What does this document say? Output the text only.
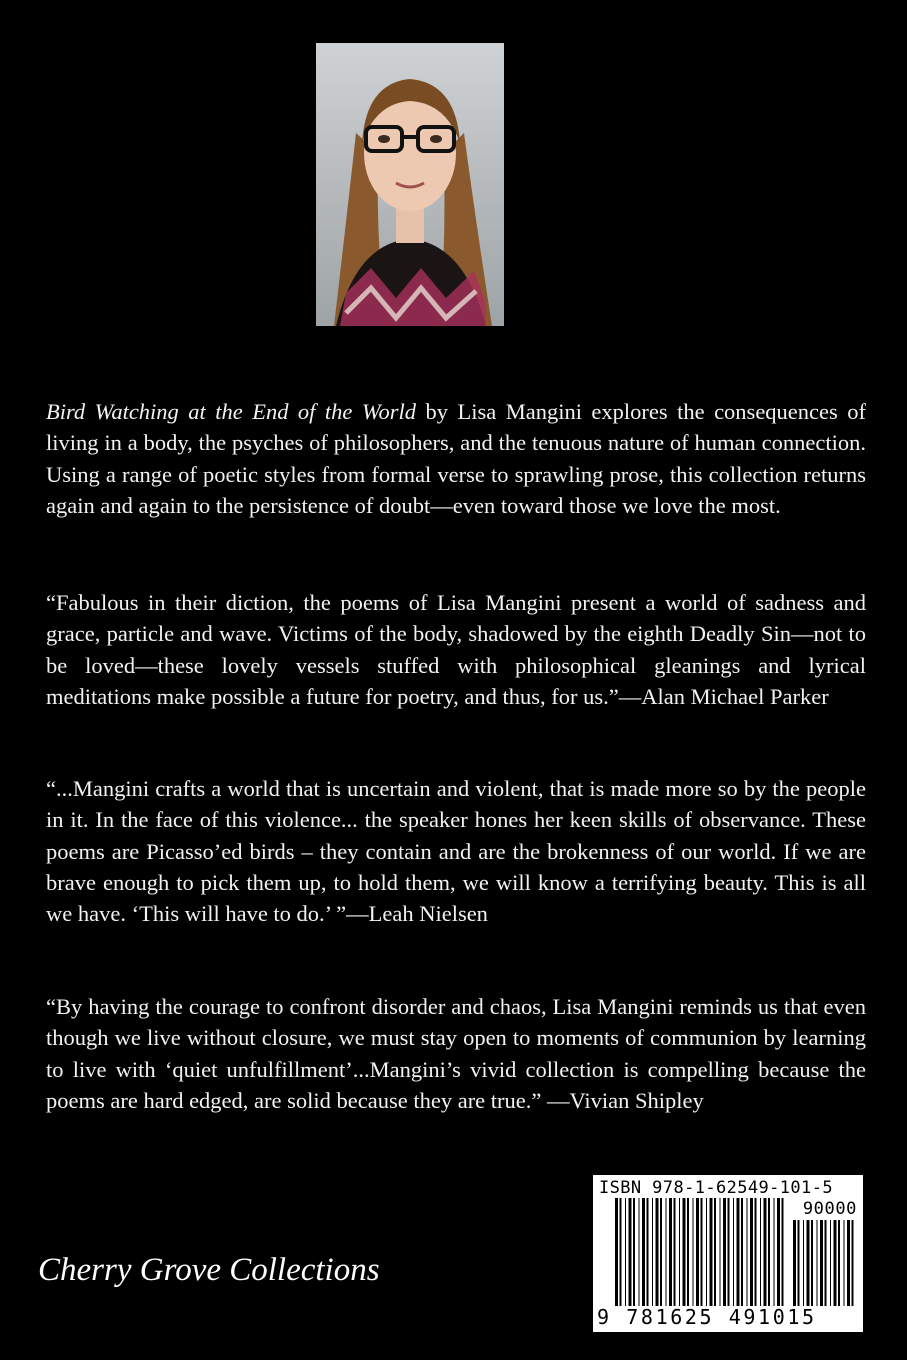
Bird Watching at the End of the World by Lisa Mangini explores the consequences of living in a body, the psyches of philosophers, and the tenuous nature of human connection. Using a range of poetic styles from formal verse to sprawling prose, this collection returns again and again to the persistence of doubt—even toward those we love the most.

“Fabulous in their diction, the poems of Lisa Mangini present a world of sadness and grace, particle and wave. Victims of the body, shadowed by the eighth Deadly Sin—not to be loved—these lovely vessels stuffed with philosophical gleanings and lyrical meditations make possible a future for poetry, and thus, for us.”—Alan Michael Parker

“...Mangini crafts a world that is uncertain and violent, that is made more so by the people in it. In the face of this violence... the speaker hones her keen skills of observance. These poems are Picasso’ed birds – they contain and are the brokenness of our world. If we are brave enough to pick them up, to hold them, we will know a terrifying beauty. This is all we have. ‘This will have to do.’ ”—Leah Nielsen

“By having the courage to confront disorder and chaos, Lisa Mangini reminds us that even though we live without closure, we must stay open to moments of communion by learning to live with ‘quiet unfulfillment’...Mangini’s vivid collection is compelling because the poems are hard edged, are solid because they are true.” —Vivian Shipley

Cherry Grove Collections

ISBN 978-1-62549-101-5
90000
9 781625 491015
